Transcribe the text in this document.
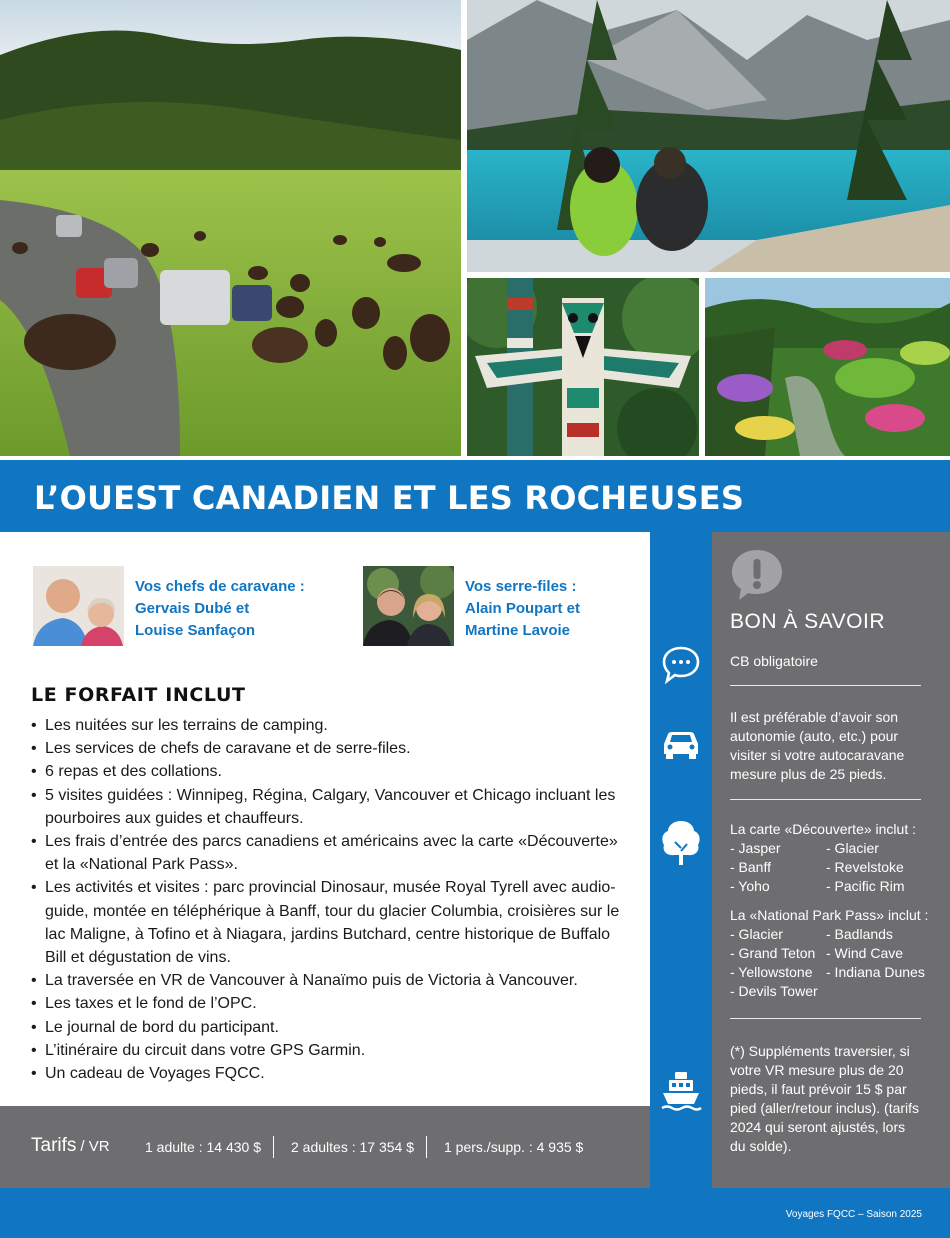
L’OUEST CANADIEN ET LES ROCHEUSES
Voyages FQCC – Saison 2025
Vos chefs de caravane :
Gervais Dubé et
Louise Sanfaçon
Vos serre-files :
Alain Poupart et
Martine Lavoie
LE FORFAIT INCLUT
• Les nuitées sur les terrains de camping.
• Les services de chefs de caravane et de serre-files.
• 6 repas et des collations.
• 5 visites guidées : Winnipeg, Régina, Calgary, Vancouver et Chicago incluant les pourboires aux guides et chauffeurs.
• Les frais d’entrée des parcs canadiens et américains avec la carte «Découverte» et la «National Park Pass».
• Les activités et visites : parc provincial Dinosaur, musée Royal Tyrell avec audio-guide, montée en téléphérique à Banff, tour du glacier Columbia, croisières sur le lac Maligne, à Tofino et à Niagara, jardins Butchard, centre historique de Buffalo Bill et dégustation de vins.
• La traversée en VR de Vancouver à Nanaïmo puis de Victoria à Vancouver.
• Les taxes et le fond de l’OPC.
• Le journal de bord du participant.
• L’itinéraire du circuit dans votre GPS Garmin.
• Un cadeau de Voyages FQCC.
Tarifs / VR	1 adulte : 14 430 $ 2 adultes : 17 354 $ 1 pers./supp. : 4 935 $
BON À SAVOIR
CB obligatoire
Il est préférable d’avoir son autonomie (auto, etc.) pour visiter si votre autocaravane mesure plus de 25 pieds.
La carte «Découverte» inclut :
- Jasper
- Banff
- Yoho
- Glacier
- Revelstoke
- Pacific Rim
La «National Park Pass» inclut :
- Glacier
- Grand Teton
- Yellowstone
- Devils Tower
- Badlands
- Wind Cave
- Indiana Dunes
(*) Suppléments traversier, si votre VR mesure plus de 20 pieds, il faut prévoir 15 $ par pied (aller/retour inclus). (tarifs 2024 qui seront ajustés, lors du solde).
